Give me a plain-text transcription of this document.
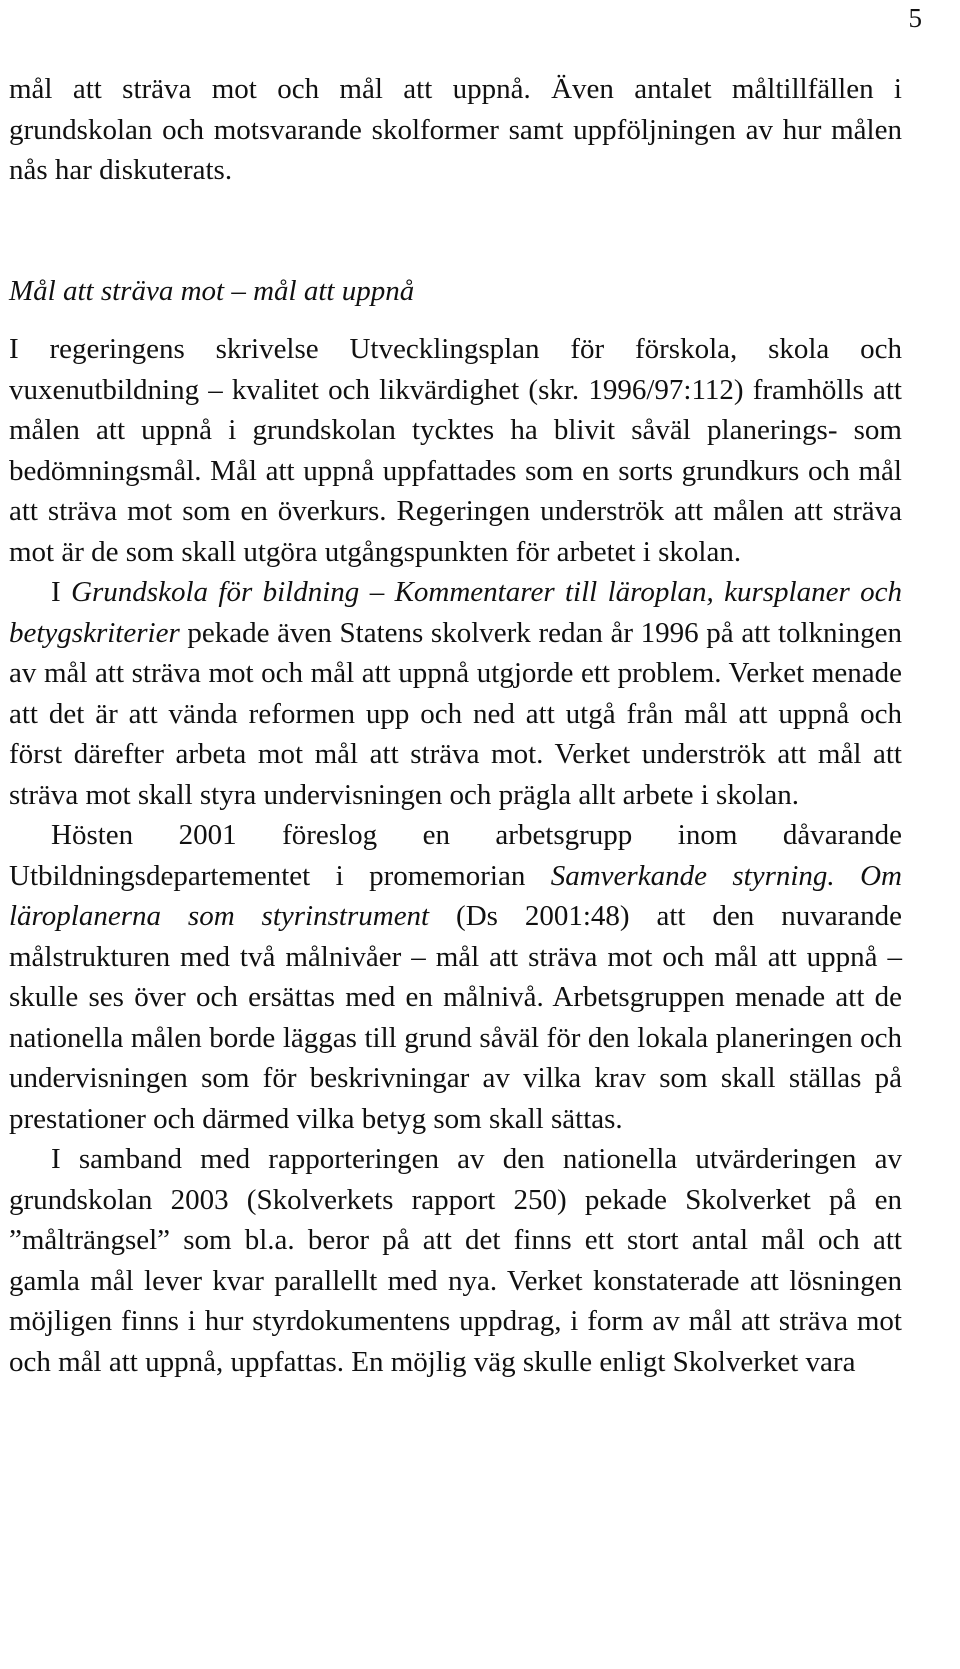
5

mål att sträva mot och mål att uppnå. Även antalet måltillfällen i grundskolan och motsvarande skolformer samt uppföljningen av hur målen nås har diskuterats.

Mål att sträva mot – mål att uppnå

I regeringens skrivelse Utvecklingsplan för förskola, skola och vuxenutbildning – kvalitet och likvärdighet (skr. 1996/97:112) framhölls att målen att uppnå i grundskolan tycktes ha blivit såväl planerings- som bedömningsmål. Mål att uppnå uppfattades som en sorts grundkurs och mål att sträva mot som en överkurs. Regeringen underströk att målen att sträva mot är de som skall utgöra utgångspunkten för arbetet i skolan.

I Grundskola för bildning – Kommentarer till läroplan, kursplaner och betygskriterier pekade även Statens skolverk redan år 1996 på att tolkningen av mål att sträva mot och mål att uppnå utgjorde ett problem. Verket menade att det är att vända reformen upp och ned att utgå från mål att uppnå och först därefter arbeta mot mål att sträva mot. Verket underströk att mål att sträva mot skall styra undervisningen och prägla allt arbete i skolan.

Hösten 2001 föreslog en arbetsgrupp inom dåvarande Utbildningsdepartementet i promemorian Samverkande styrning. Om läroplanerna som styrinstrument (Ds 2001:48) att den nuvarande målstrukturen med två målnivåer – mål att sträva mot och mål att uppnå – skulle ses över och ersättas med en målnivå. Arbetsgruppen menade att de nationella målen borde läggas till grund såväl för den lokala planeringen och undervisningen som för beskrivningar av vilka krav som skall ställas på prestationer och därmed vilka betyg som skall sättas.

I samband med rapporteringen av den nationella utvärderingen av grundskolan 2003 (Skolverkets rapport 250) pekade Skolverket på en ”målträngsel” som bl.a. beror på att det finns ett stort antal mål och att gamla mål lever kvar parallellt med nya. Verket konstaterade att lösningen möjligen finns i hur styrdokumentens uppdrag, i form av mål att sträva mot och mål att uppnå, uppfattas. En möjlig väg skulle enligt Skolverket vara
